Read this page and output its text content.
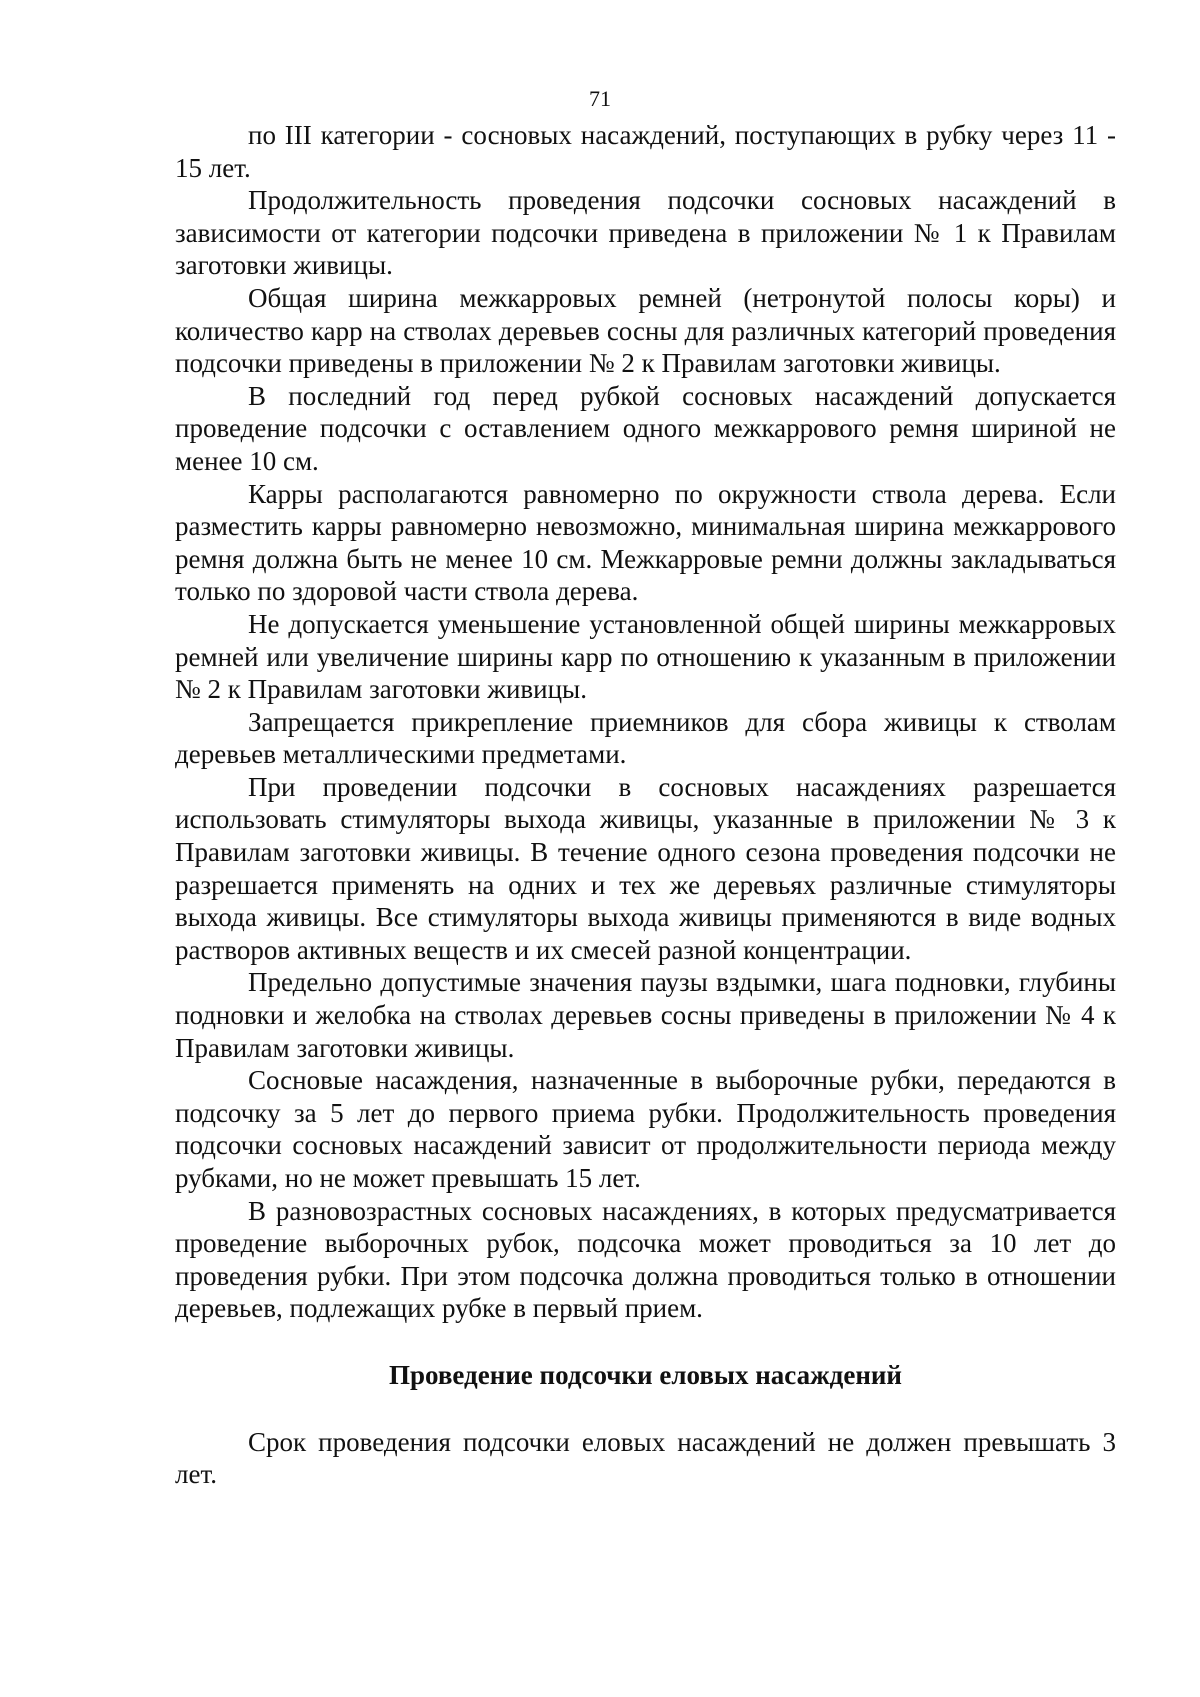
71

по III категории - сосновых насаждений, поступающих в рубку через 11 - 15 лет.

Продолжительность проведения подсочки сосновых насаждений в зависимости от категории подсочки приведена в приложении № 1 к Правилам заготовки живицы.

Общая ширина межкарровых ремней (нетронутой полосы коры) и количество карр на стволах деревьев сосны для различных категорий проведения подсочки приведены в приложении № 2 к Правилам заготовки живицы.

В последний год перед рубкой сосновых насаждений допускается проведение подсочки с оставлением одного межкаррового ремня шириной не менее 10 см.

Карры располагаются равномерно по окружности ствола дерева. Если разместить карры равномерно невозможно, минимальная ширина межкаррового ремня должна быть не менее 10 см. Межкарровые ремни должны закладываться только по здоровой части ствола дерева.

Не допускается уменьшение установленной общей ширины межкарровых ремней или увеличение ширины карр по отношению к указанным в приложении № 2 к Правилам заготовки живицы.

Запрещается прикрепление приемников для сбора живицы к стволам деревьев металлическими предметами.

При проведении подсочки в сосновых насаждениях разрешается использовать стимуляторы выхода живицы, указанные в приложении № 3 к Правилам заготовки живицы. В течение одного сезона проведения подсочки не разрешается применять на одних и тех же деревьях различные стимуляторы выхода живицы. Все стимуляторы выхода живицы применяются в виде водных растворов активных веществ и их смесей разной концентрации.

Предельно допустимые значения паузы вздымки, шага подновки, глубины подновки и желобка на стволах деревьев сосны приведены в приложении № 4 к Правилам заготовки живицы.

Сосновые насаждения, назначенные в выборочные рубки, передаются в подсочку за 5 лет до первого приема рубки. Продолжительность проведения подсочки сосновых насаждений зависит от продолжительности периода между рубками, но не может превышать 15 лет.

В разновозрастных сосновых насаждениях, в которых предусматривается проведение выборочных рубок, подсочка может проводиться за 10 лет до проведения рубки. При этом подсочка должна проводиться только в отношении деревьев, подлежащих рубке в первый прием.

Проведение подсочки еловых насаждений

Срок проведения подсочки еловых насаждений не должен превышать 3 лет.
